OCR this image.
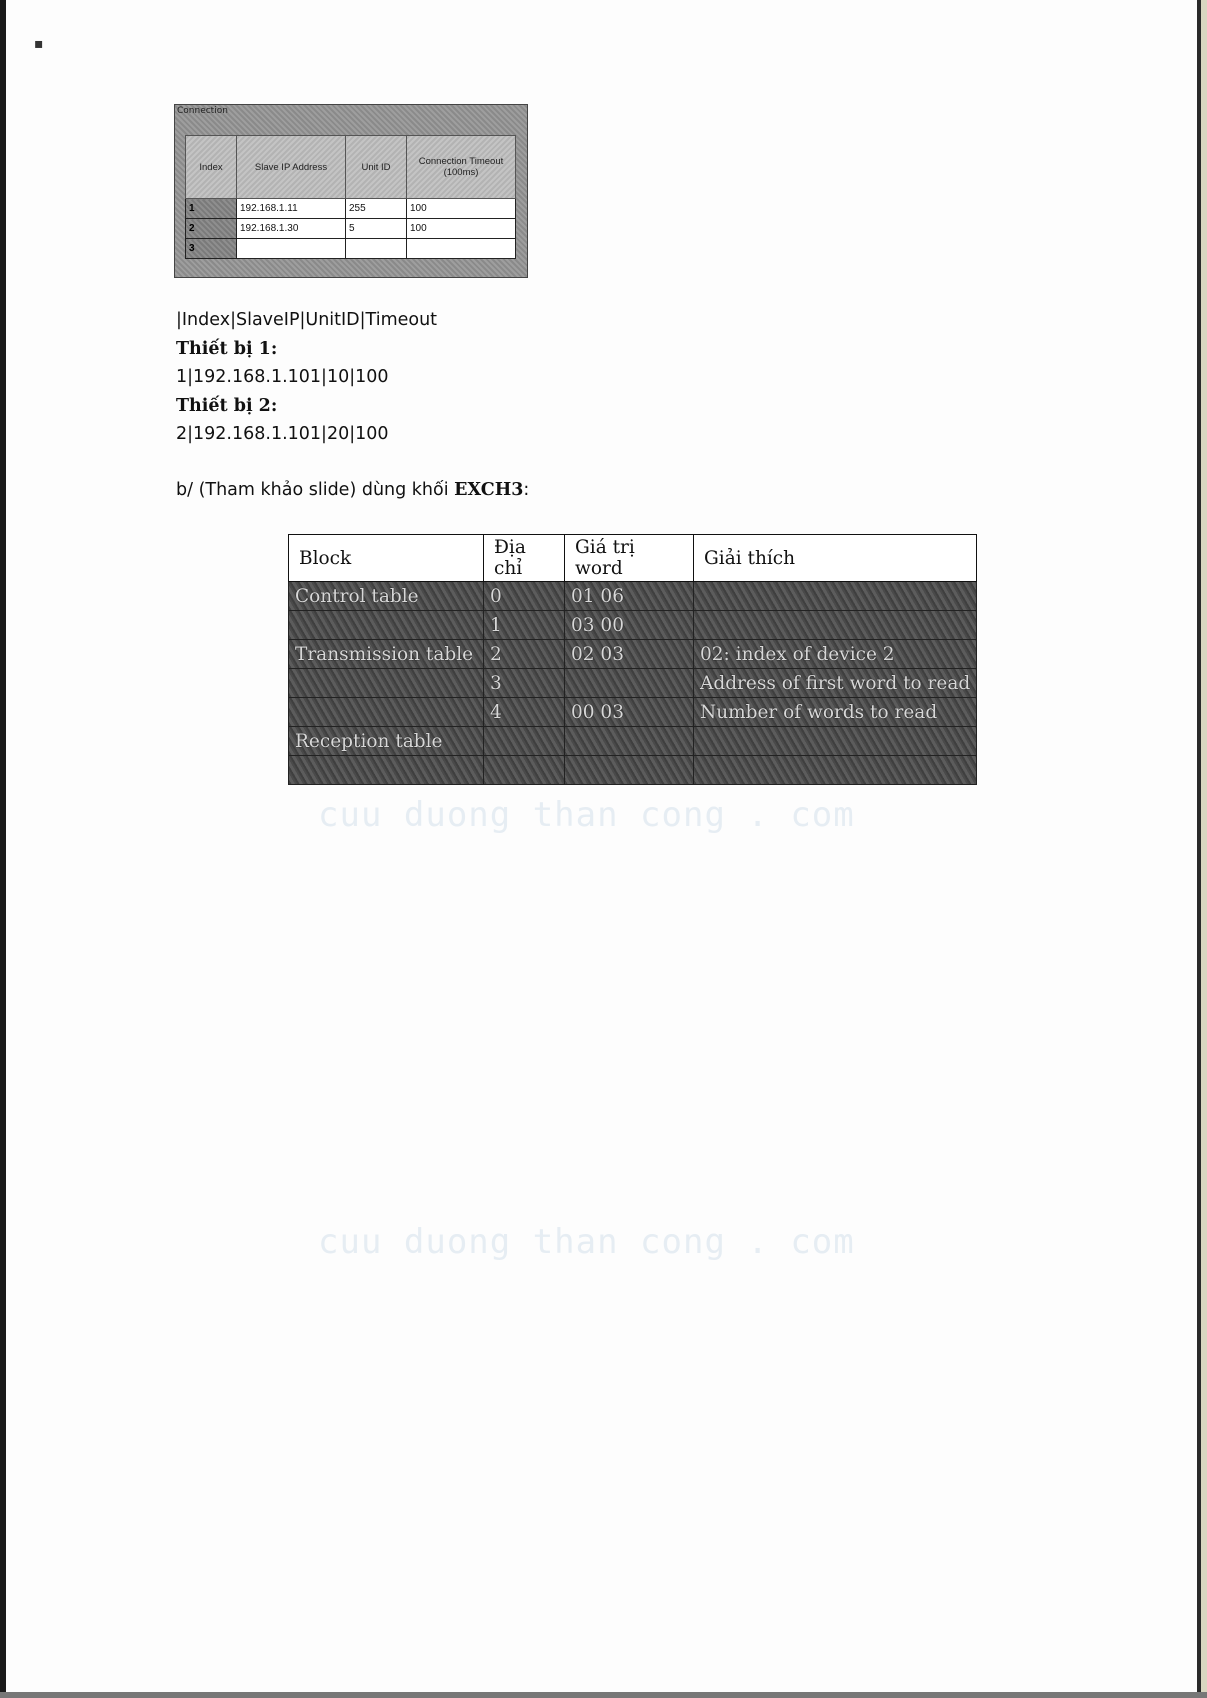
▪
Connection
Index	Slave IP Address	Unit ID	Connection Timeout (100ms)
1	192.168.1.11	255	100
2	192.168.1.30	5	100
3			
|Index|SlaveIP|UnitID|Timeout
Thiết bị 1:
1|192.168.1.101|10|100
Thiết bị 2:
2|192.168.1.101|20|100
b/ (Tham khảo slide) dùng khối EXCH3:
Block	Địa chỉ	Giá trị word	Giải thích
Control table	0	01 06	
	1	03 00	
Transmission table	2	02 03	02: index of device 2
	3		Address of first word to read
	4	00 03	Number of words to read
Reception table			

cuu duong than cong . com
cuu duong than cong . com
